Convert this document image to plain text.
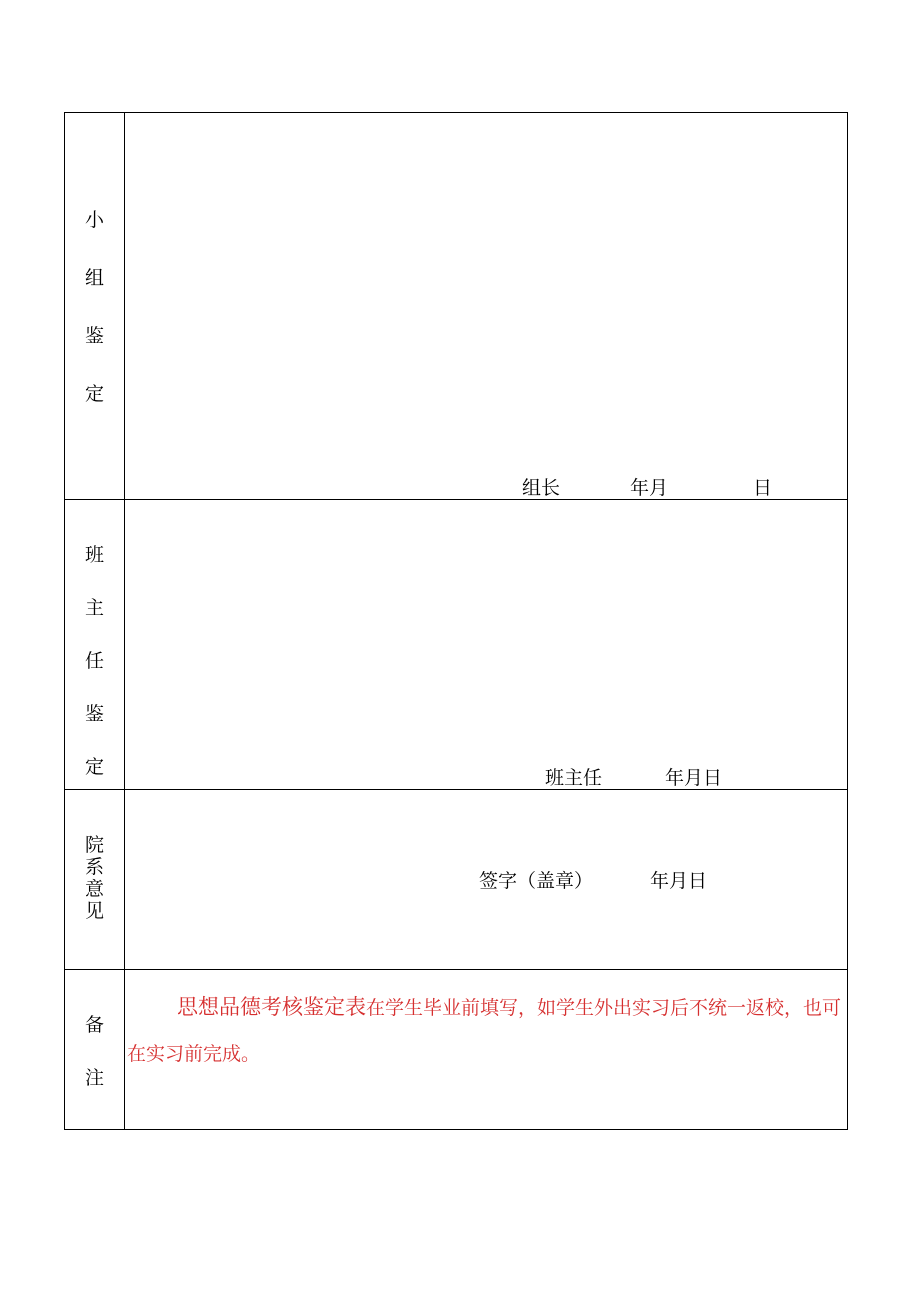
小
组
鉴
定
组长	年月	日
班
主
任
鉴
定	班主任	年月日
院
系
意
见
签字（盖章）	年月日
备
注
思想品德考核鉴定表在学生毕业前填写，如学生外出实习后不统一返校，也可在实习前完成。
